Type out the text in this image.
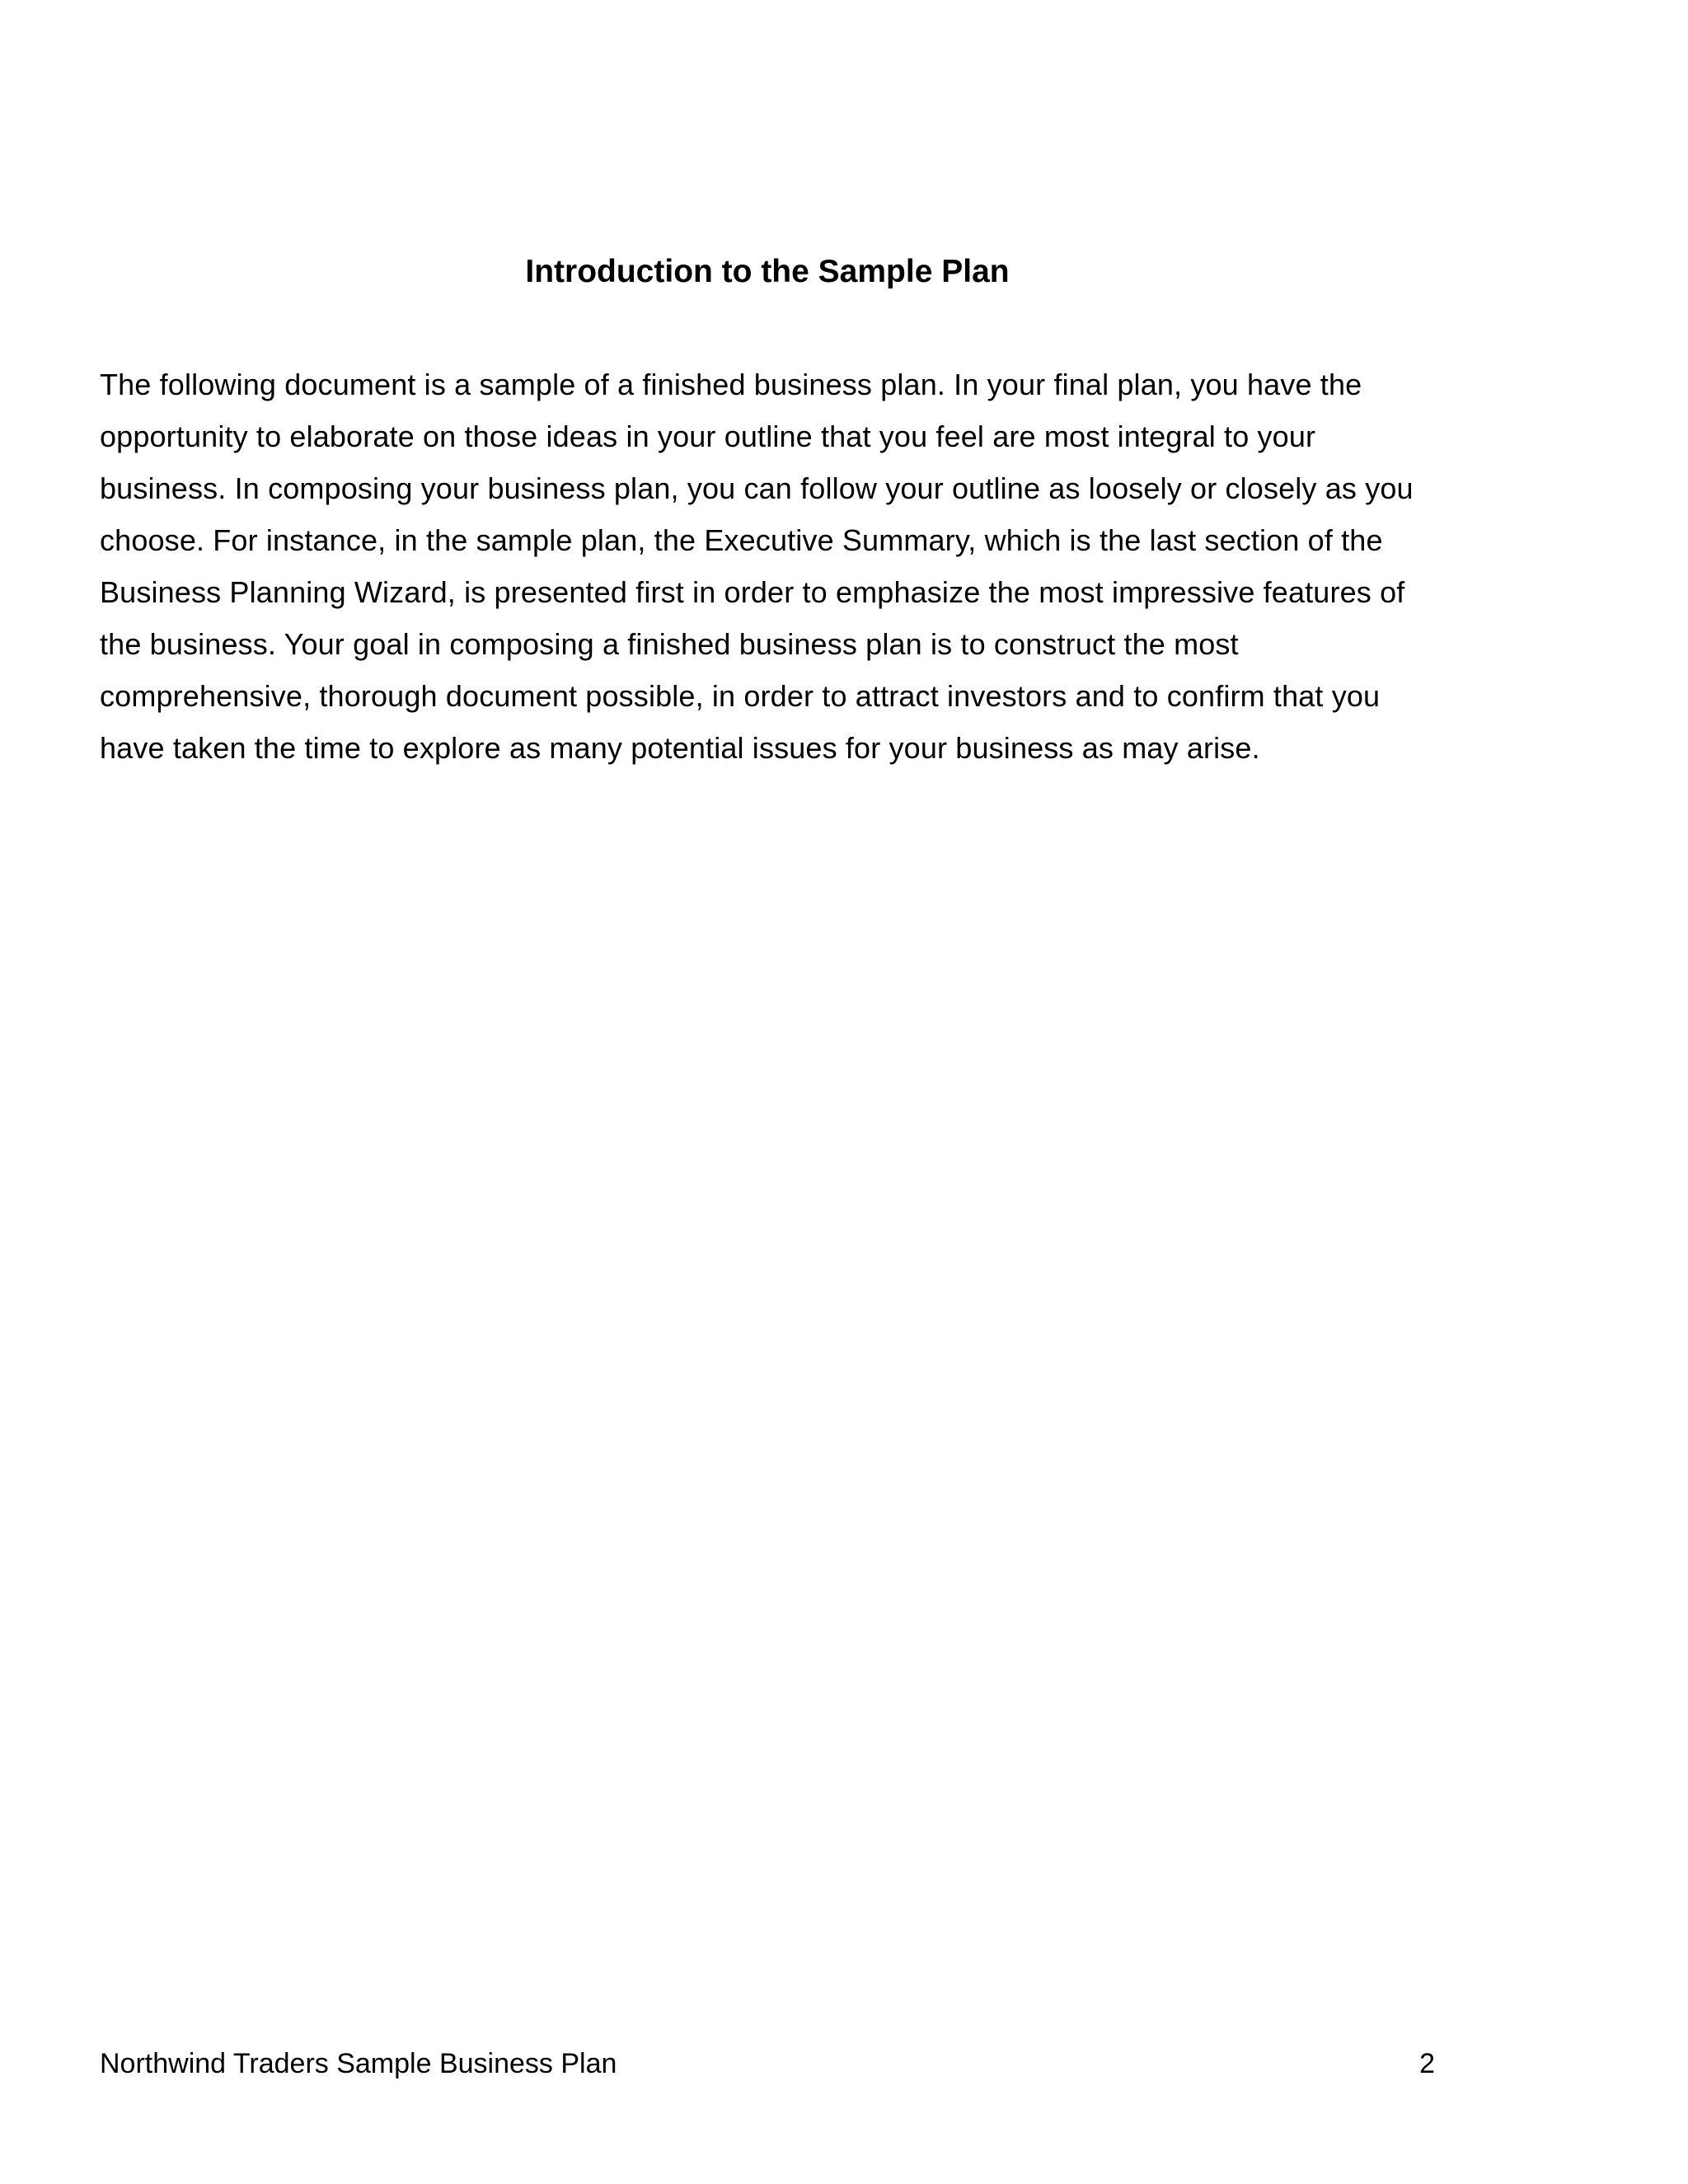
Introduction to the Sample Plan

The following document is a sample of a finished business plan. In your final plan, you have the opportunity to elaborate on those ideas in your outline that you feel are most integral to your business. In composing your business plan, you can follow your outline as loosely or closely as you choose. For instance, in the sample plan, the Executive Summary, which is the last section of the Business Planning Wizard, is presented first in order to emphasize the most impressive features of the business. Your goal in composing a finished business plan is to construct the most comprehensive, thorough document possible, in order to attract investors and to confirm that you have taken the time to explore as many potential issues for your business as may arise.

Northwind Traders Sample Business Plan	2
